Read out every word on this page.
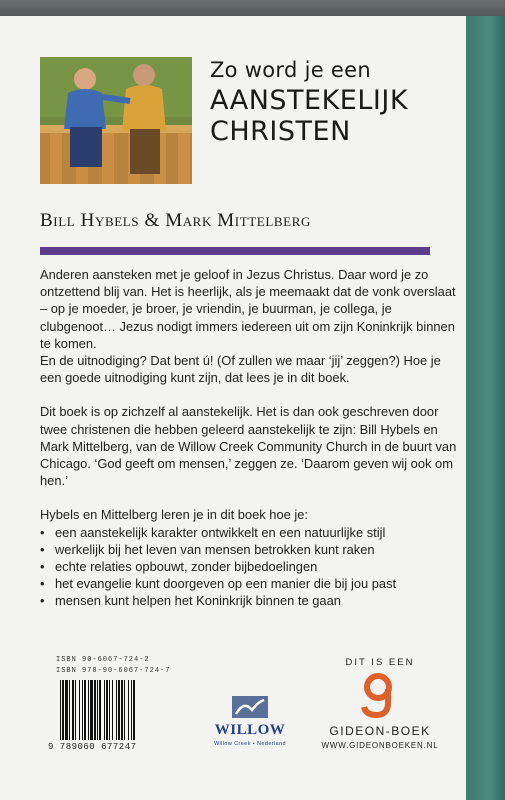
Zo word je een
AANSTEKELIJK
CHRISTEN
Bill Hybels & Mark Mittelberg

Anderen aansteken met je geloof in Jezus Christus. Daar word je zo ontzettend blij van. Het is heerlijk, als je meemaakt dat de vonk overslaat – op je moeder, je broer, je vriendin, je buurman, je collega, je clubgenoot… Jezus nodigt immers iedereen uit om zijn Koninkrijk binnen te komen.

En de uitnodiging? Dat bent ú! (Of zullen we maar ‘jij’ zeggen?) Hoe je een goede uitnodiging kunt zijn, dat lees je in dit boek.

Dit boek is op zichzelf al aanstekelijk. Het is dan ook geschreven door twee christenen die hebben geleerd aanstekelijk te zijn: Bill Hybels en Mark Mittelberg, van de Willow Creek Community Church in de buurt van Chicago. ‘God geeft om mensen,’ zeggen ze. ‘Daarom geven wij ook om hen.’

Hybels en Mittelberg leren je in dit boek hoe je:

• een aanstekelijk karakter ontwikkelt en een natuurlijke stijl
• werkelijk bij het leven van mensen betrokken kunt raken
• echte relaties opbouwt, zonder bijbedoelingen
• het evangelie kunt doorgeven op een manier die bij jou past
• mensen kunt helpen het Koninkrijk binnen te gaan
ISBN 90-6067-724-2
ISBN 978-90-6067-724-7
9 789060 677247
WILLOW
Willow Creek • Nederland
DIT IS EEN
GIDEON-BOEK
WWW.GIDEONBOEKEN.NL
